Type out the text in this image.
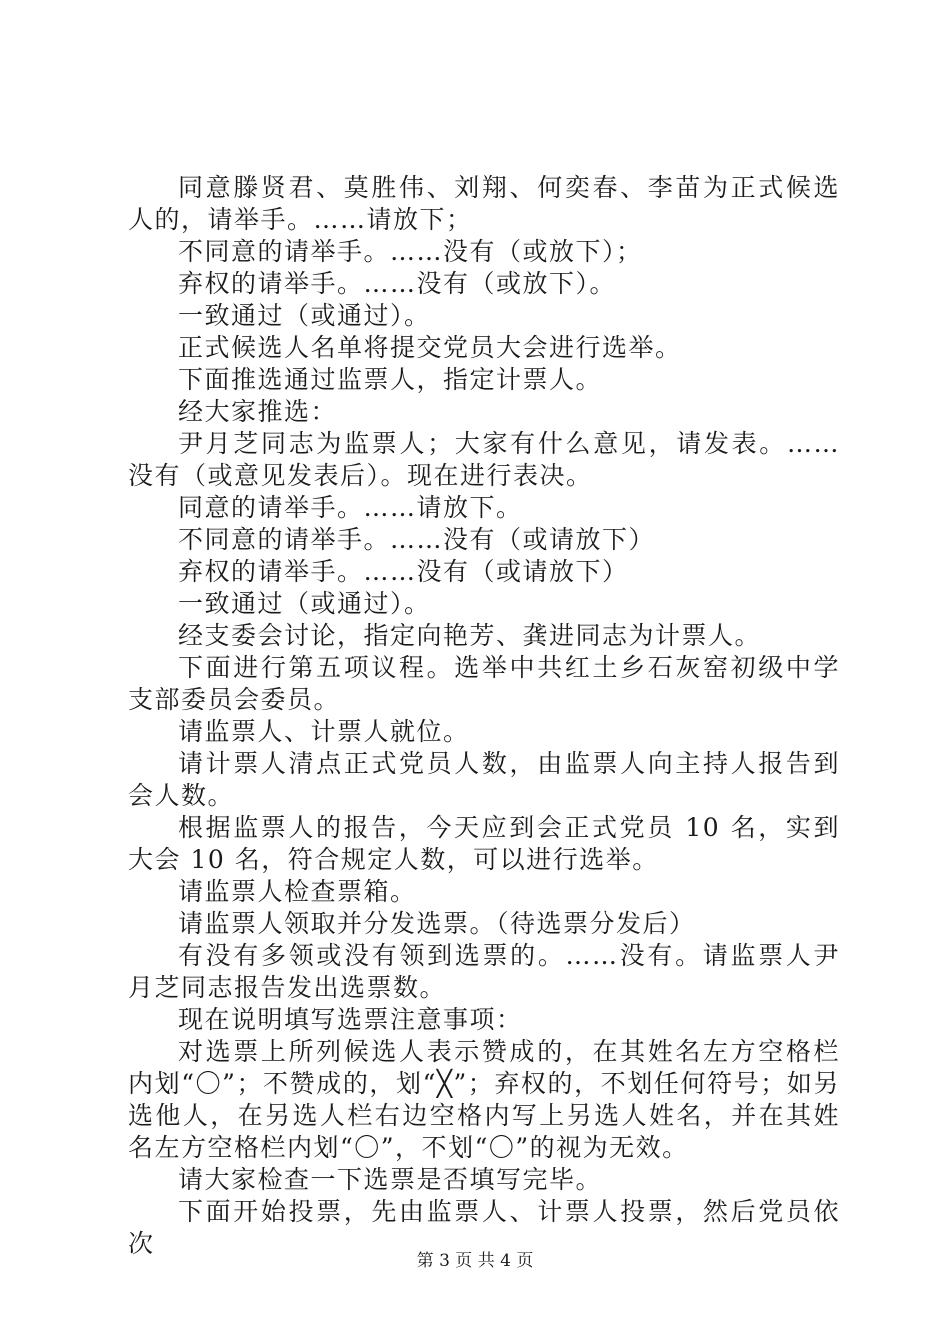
同意滕贤君、莫胜伟、刘翔、何奕春、李苗为正式候选人的，请举手。……请放下；

不同意的请举手。……没有（或放下）；

弃权的请举手。……没有（或放下）。

一致通过（或通过）。

正式候选人名单将提交党员大会进行选举。

下面推选通过监票人，指定计票人。

经大家推选：

尹月芝同志为监票人；大家有什么意见，请发表。……没有（或意见发表后）。现在进行表决。

同意的请举手。……请放下。

不同意的请举手。……没有（或请放下）

弃权的请举手。……没有（或请放下）

一致通过（或通过）。

经支委会讨论，指定向艳芳、龚进同志为计票人。

下面进行第五项议程。选举中共红土乡石灰窑初级中学支部委员会委员。

请监票人、计票人就位。

请计票人清点正式党员人数，由监票人向主持人报告到会人数。

根据监票人的报告，今天应到会正式党员 10 名，实到大会 10 名，符合规定人数，可以进行选举。

请监票人检查票箱。

请监票人领取并分发选票。（待选票分发后）

有没有多领或没有领到选票的。……没有。请监票人尹月芝同志报告发出选票数。

现在说明填写选票注意事项：

对选票上所列候选人表示赞成的，在其姓名左方空格栏内划“〇”；不赞成的，划“╳”；弃权的，不划任何符号；如另选他人，在另选人栏右边空格内写上另选人姓名，并在其姓名左方空格栏内划“〇”，不划“〇”的视为无效。

请大家检查一下选票是否填写完毕。

下面开始投票，先由监票人、计票人投票，然后党员依次

第 3 页 共 4 页
